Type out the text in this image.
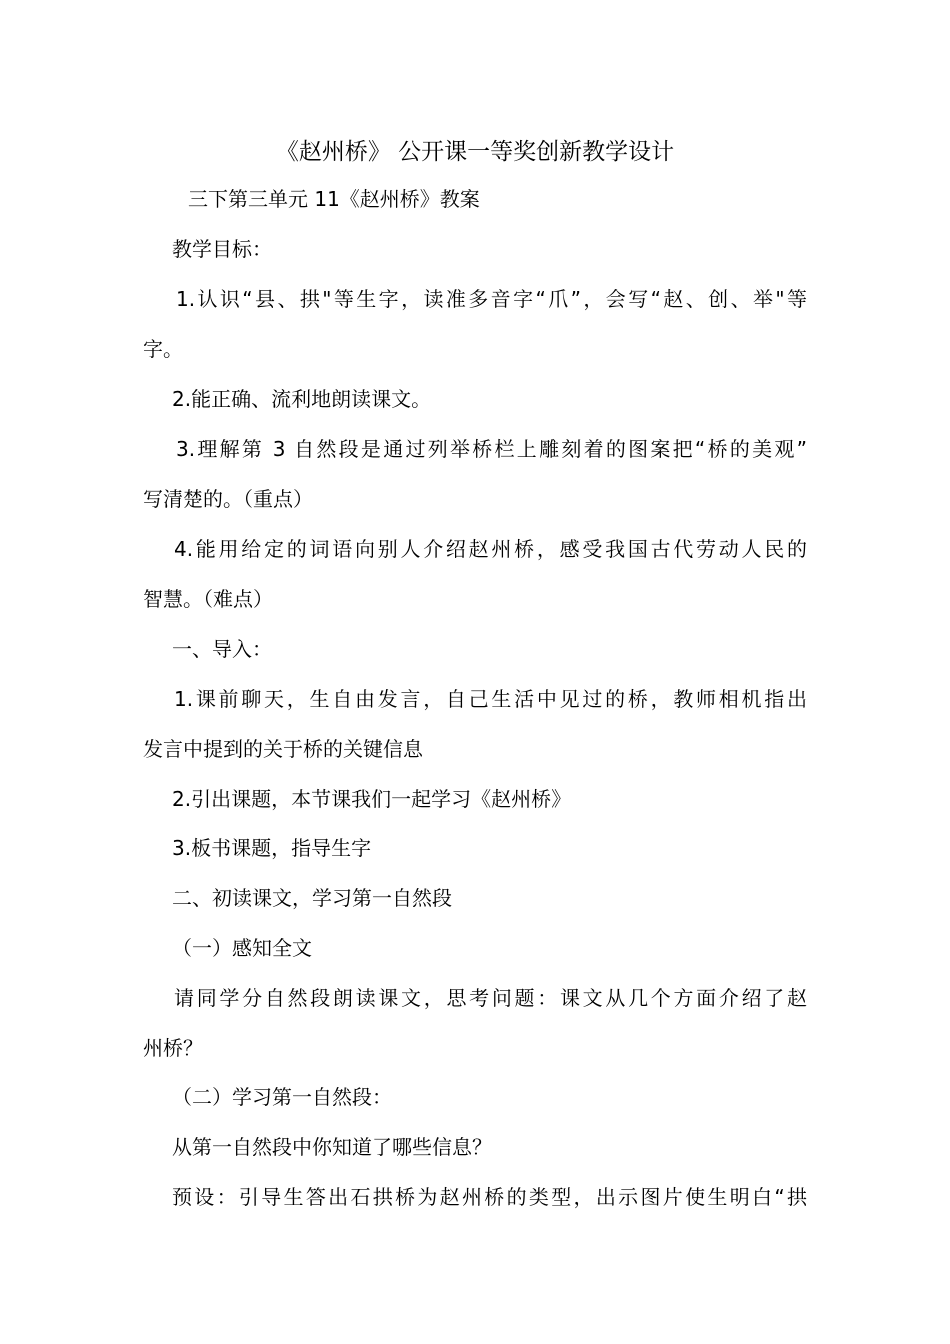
《赵州桥》 公开课一等奖创新教学设计
三下第三单元 11《赵州桥》教案
教学目标：
1.认识“县、拱"等生字，读准多音字“爪”，会写“赵、创、举"等
字。
2.能正确、流利地朗读课文。
3.理解第 3 自然段是通过列举桥栏上雕刻着的图案把“桥的美观”
写清楚的。（重点）
4.能用给定的词语向别人介绍赵州桥，感受我国古代劳动人民的
智慧。（难点）
一、导入：
1.课前聊天，生自由发言，自己生活中见过的桥，教师相机指出
发言中提到的关于桥的关键信息
2.引出课题，本节课我们一起学习《赵州桥》
3.板书课题，指导生字
二、初读课文，学习第一自然段
（一）感知全文
请同学分自然段朗读课文，思考问题：课文从几个方面介绍了赵
州桥？
（二）学习第一自然段：
从第一自然段中你知道了哪些信息？
预设：引导生答出石拱桥为赵州桥的类型，出示图片使生明白“拱
